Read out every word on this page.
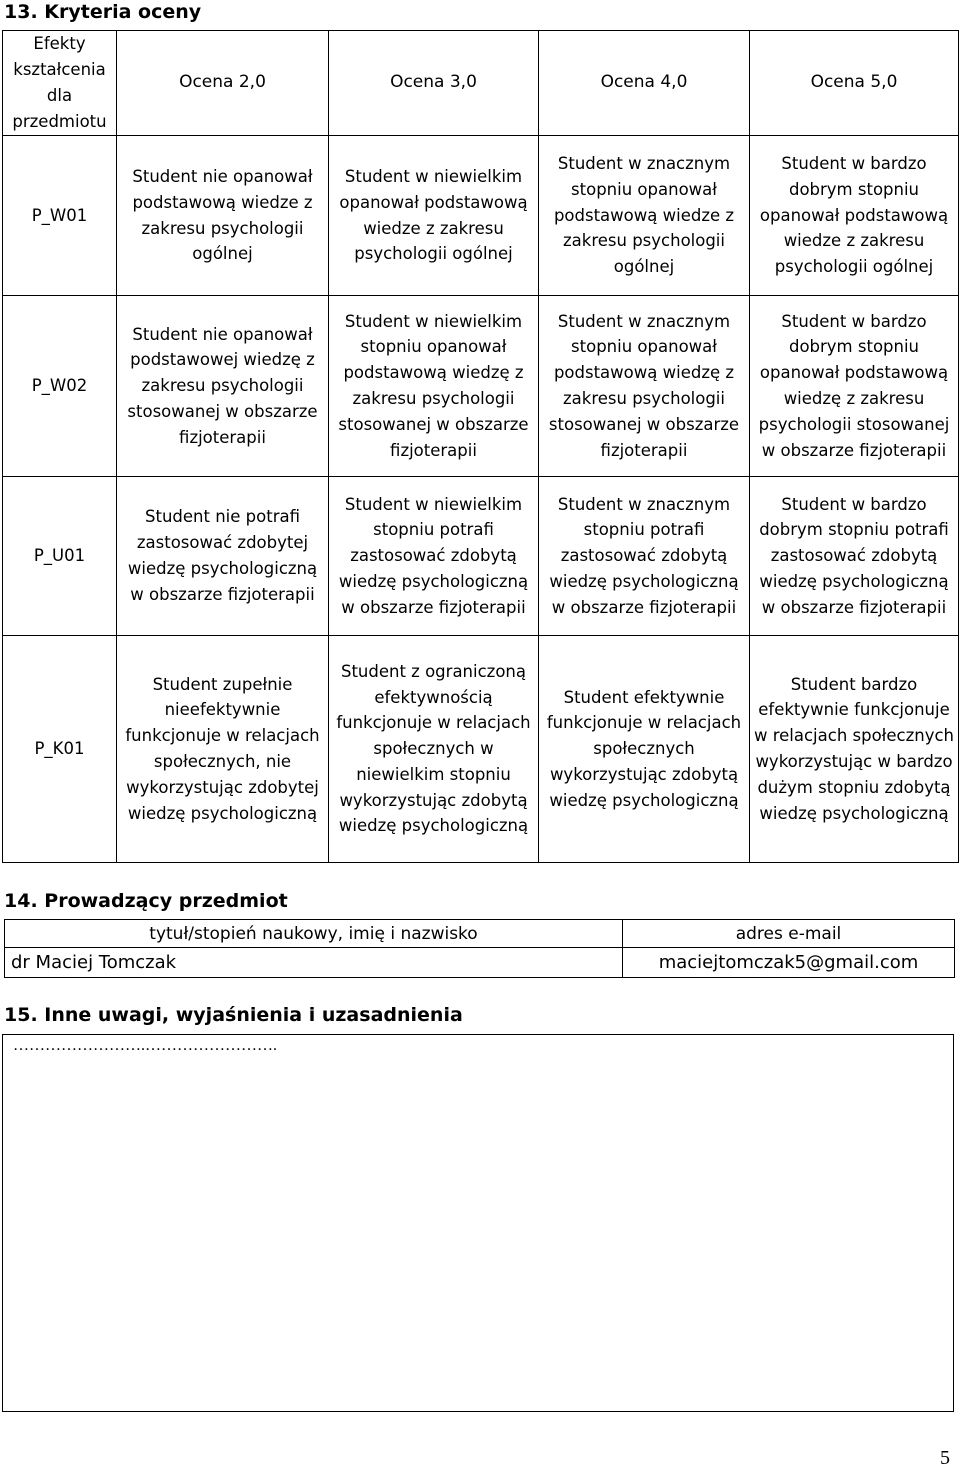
13. Kryteria oceny
Efekty kształcenia dla przedmiotu	Ocena 2,0	Ocena 3,0	Ocena 4,0	Ocena 5,0
P_W01	Student nie opanował podstawową wiedze z zakresu psychologii ogólnej	Student w niewielkim opanował podstawową wiedze z zakresu psychologii ogólnej	Student w znacznym stopniu opanował podstawową wiedze z zakresu psychologii ogólnej	Student w bardzo dobrym stopniu opanował podstawową wiedze z zakresu psychologii ogólnej
P_W02	Student nie opanował podstawowej wiedzę z zakresu psychologii stosowanej w obszarze fizjoterapii	Student w niewielkim stopniu opanował podstawową wiedzę z zakresu psychologii stosowanej w obszarze fizjoterapii	Student w znacznym stopniu opanował podstawową wiedzę z zakresu psychologii stosowanej w obszarze fizjoterapii	Student w bardzo dobrym stopniu opanował podstawową wiedzę z zakresu psychologii stosowanej w obszarze fizjoterapii
P_U01	Student nie potrafi zastosować zdobytej wiedzę psychologiczną w obszarze fizjoterapii	Student w niewielkim stopniu potrafi zastosować zdobytą wiedzę psychologiczną w obszarze fizjoterapii	Student w znacznym stopniu potrafi zastosować zdobytą wiedzę psychologiczną w obszarze fizjoterapii	Student w bardzo dobrym stopniu potrafi zastosować zdobytą wiedzę psychologiczną w obszarze fizjoterapii
P_K01	Student zupełnie nieefektywnie funkcjonuje w relacjach społecznych, nie wykorzystując zdobytej wiedzę psychologiczną	Student z ograniczoną efektywnością funkcjonuje w relacjach społecznych w niewielkim stopniu wykorzystując zdobytą wiedzę psychologiczną	Student efektywnie funkcjonuje w relacjach społecznych wykorzystując zdobytą wiedzę psychologiczną	Student bardzo efektywnie funkcjonuje w relacjach społecznych wykorzystując w bardzo dużym stopniu zdobytą wiedzę psychologiczną
14. Prowadzący przedmiot
tytuł/stopień naukowy, imię i nazwisko	adres e-mail
dr Maciej Tomczak	maciejtomczak5@gmail.com
15. Inne uwagi, wyjaśnienia i uzasadnienia
…………………….…………………….
5
